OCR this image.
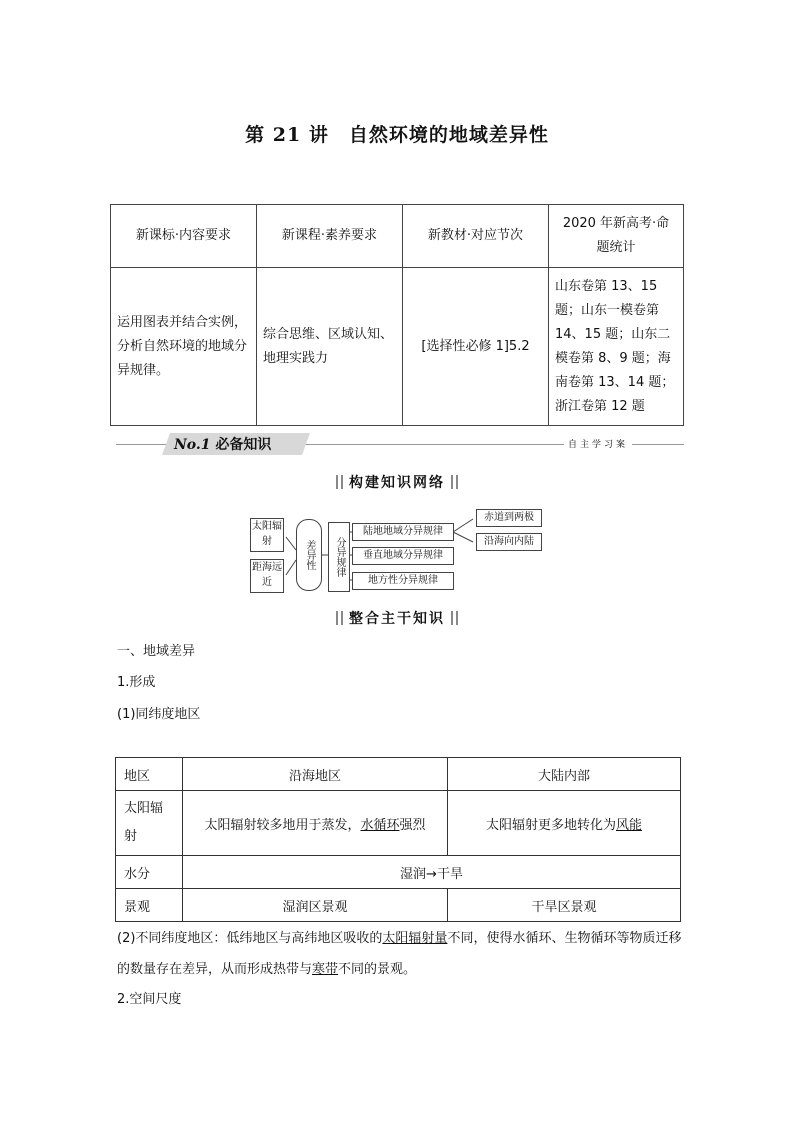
第 21 讲　自然环境的地域差异性
新课标·内容要求	新课程·素养要求	新教材·对应节次	2020 年新高考·命题统计
运用图表并结合实例，分析自然环境的地域分异规律。	综合思维、区域认知、地理实践力	[选择性必修 1]5.2	山东卷第 13、15 题；山东一模卷第 14、15 题；山东二模卷第 8、9 题；海南卷第 13、14 题；浙江卷第 12 题
No.1 必备知识	自主学习案
构建知识网络
太阳辐射
距海远近
差异性	分异规律
陆地地域分异规律
垂直地域分异规律
地方性分异规律
赤道到两极
沿海向内陆
整合主干知识
一、地域差异
1.形成
(1)同纬度地区
地区	沿海地区	大陆内部
太阳辐射	太阳辐射较多地用于蒸发，水循环强烈	太阳辐射更多地转化为风能
水分	湿润→干旱	
景观	湿润区景观	干旱区景观
(2)不同纬度地区：低纬地区与高纬地区吸收的太阳辐射量不同，使得水循环、生物循环等物质迁移的数量存在差异，从而形成热带与寒带不同的景观。
2.空间尺度
